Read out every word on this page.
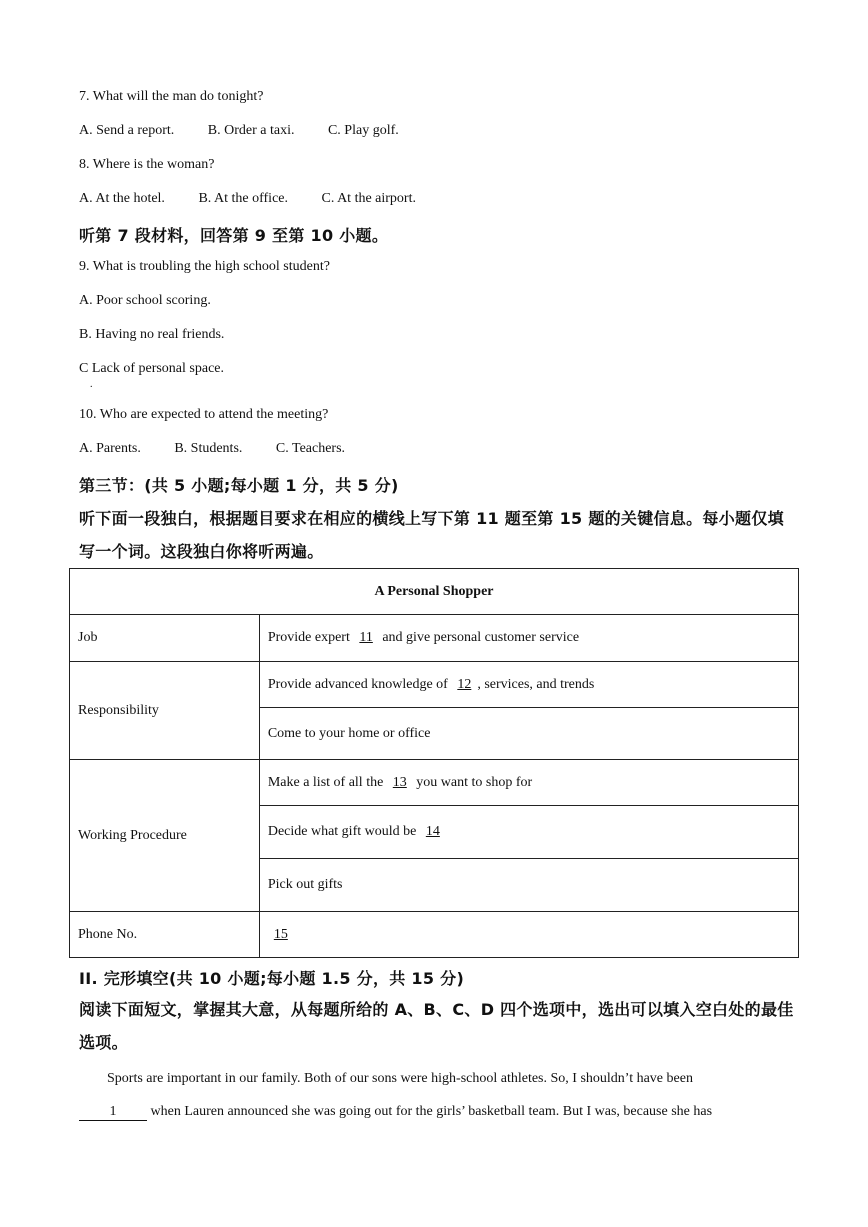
7. What will the man do tonight?
A. Send a report. B. Order a taxi. C. Play golf.
8. Where is the woman?
A. At the hotel. B. At the office. C. At the airport.
听第 7 段材料，回答第 9 至第 10 小题。
9. What is troubling the high school student?
A. Poor school scoring.
B. Having no real friends.
C Lack of personal space.
.
10. Who are expected to attend the meeting?
A. Parents. B. Students. C. Teachers.
第三节：(共 5 小题;每小题 1 分，共 5 分)
听下面一段独白，根据题目要求在相应的横线上写下第 11 题至第 15 题的关键信息。每小题仅填写一个词。这段独白你将听两遍。
A Personal Shopper	
Job	Provide expert 11 and give personal customer service
Responsibility	Provide advanced knowledge of 12 , services, and trends
	Come to your home or office
Working Procedure	Make a list of all the 13 you want to shop for
	Decide what gift would be 14
	Pick out gifts
Phone No.	15
II. 完形填空(共 10 小题;每小题 1.5 分，共 15 分)
阅读下面短文，掌握其大意，从每题所给的 A、B、C、D 四个选项中，选出可以填入空白处的最佳选项。
Sports are important in our family. Both of our sons were high-school athletes. So, I shouldn’t have been
1 when Lauren announced she was going out for the girls’ basketball team. But I was, because she has
